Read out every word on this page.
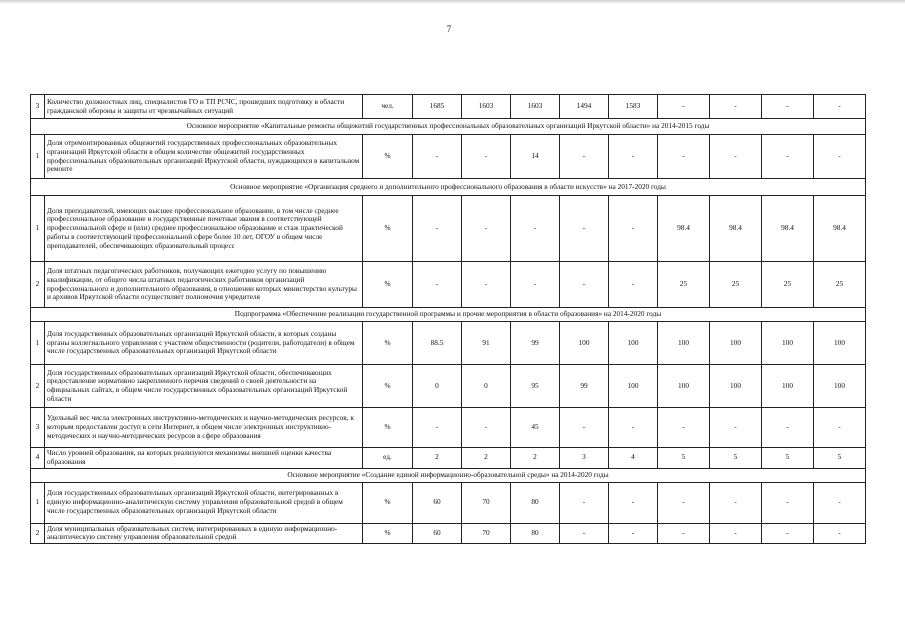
7
3	Количество должностных лиц, специалистов ГО и ТП РСЧС, прошедших подготовку в области гражданской обороны и защиты от чрезвычайных ситуаций	чел.	1685	1603	1603	1494	1583	-	-	-	-
Основное мероприятие «Капитальные ремонты общежитий государственных профессиональных образовательных организаций Иркутской области» на 2014-2015 годы											
1	Доля отремонтированных общежитий государственных профессиональных образовательных организаций Иркутской области в общем количестве общежитий государственных профессиональных образовательных организаций Иркутской области, нуждающихся в капитальном ремонте	%	-	-	14	-	-	-	-	-	-
Основное мероприятие «Организация среднего и дополнительного профессионального образования в области искусств» на 2017-2020 годы											
1	Доля преподавателей, имеющих высшее профессиональное образование, в том числе среднее профессиональное образование и государственные почетные звания в соответствующей профессиональной сфере и (или) среднее профессиональное образование и стаж практической работы в соответствующей профессиональной сфере более 10 лет, ОГОУ в общем числе преподавателей, обеспечивающих образовательный процесс	%	-	-	-	-	-	98.4	98.4	98.4	98.4
2	Доля штатных педагогических работников, получающих ежегодно услугу по повышению квалификации, от общего числа штатных педагогических работников организаций профессионального и дополнительного образования, в отношении которых министерство культуры и архивов Иркутской области осуществляет полномочия учредителя	%	-	-	-	-	-	25	25	25	25
Подпрограмма «Обеспечение реализации государственной программы и прочие мероприятия в области образования» на 2014-2020 годы											
1	Доля государственных образовательных организаций Иркутской области, в которых созданы органы коллегиального управления с участием общественности (родители, работодатели) в общем числе государственных образовательных организаций Иркутской области	%	88.5	91	99	100	100	100	100	100	100
2	Доля государственных образовательных организаций Иркутской области, обеспечивающих предоставление нормативно закрепленного перечня сведений о своей деятельности на официальных сайтах, в общем числе государственных образовательных организаций Иркутской области	%	0	0	95	99	100	100	100	100	100
3	Удельный вес числа электронных инструктивно-методических и научно-методических ресурсов, к которым предоставлен доступ в сети Интернет, в общем числе электронных инструктивно-методических и научно-методических ресурсов в сфере образования	%	-	-	45	-	-	-	-	-	-
4	Число уровней образования, на которых реализуются механизмы внешней оценки качества образования	ед.	2	2	2	3	4	5	5	5	5
Основное мероприятие «Создание единой информационно-образовательной среды» на 2014-2020 годы											
1	Доля государственных образовательных организаций Иркутской области, интегрированных в единую информационно-аналитическую систему управления образовательной средой в общем числе государственных образовательных организаций Иркутской области	%	60	70	80	-	-	-	-	-	-
2	Доля муниципальных образовательных систем, интегрированных в единую информационно-аналитическую систему управления образовательной средой	%	60	70	80	-	-	-	-	-	-
